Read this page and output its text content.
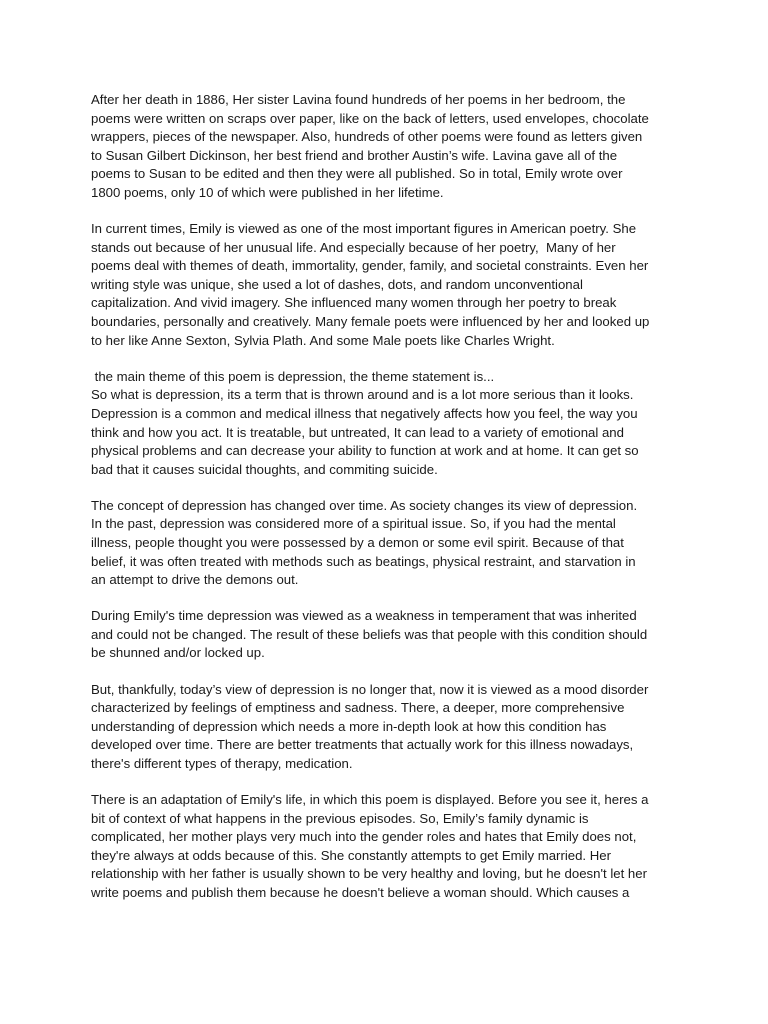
After her death in 1886, Her sister Lavina found hundreds of her poems in her bedroom, the
poems were written on scraps over paper, like on the back of letters, used envelopes, chocolate
wrappers, pieces of the newspaper. Also, hundreds of other poems were found as letters given
to Susan Gilbert Dickinson, her best friend and brother Austin’s wife. Lavina gave all of the
poems to Susan to be edited and then they were all published. So in total, Emily wrote over
1800 poems, only 10 of which were published in her lifetime.

In current times, Emily is viewed as one of the most important figures in American poetry. She
stands out because of her unusual life. And especially because of her poetry,  Many of her
poems deal with themes of death, immortality, gender, family, and societal constraints. Even her
writing style was unique, she used a lot of dashes, dots, and random unconventional
capitalization. And vivid imagery. She influenced many women through her poetry to break
boundaries, personally and creatively. Many female poets were influenced by her and looked up
to her like Anne Sexton, Sylvia Plath. And some Male poets like Charles Wright.

the main theme of this poem is depression, the theme statement is...
So what is depression, its a term that is thrown around and is a lot more serious than it looks.
Depression is a common and medical illness that negatively affects how you feel, the way you
think and how you act. It is treatable, but untreated, It can lead to a variety of emotional and
physical problems and can decrease your ability to function at work and at home. It can get so
bad that it causes suicidal thoughts, and commiting suicide.

The concept of depression has changed over time. As society changes its view of depression.
In the past, depression was considered more of a spiritual issue. So, if you had the mental
illness, people thought you were possessed by a demon or some evil spirit. Because of that
belief, it was often treated with methods such as beatings, physical restraint, and starvation in
an attempt to drive the demons out.

During Emily's time depression was viewed as a weakness in temperament that was inherited
and could not be changed. The result of these beliefs was that people with this condition should
be shunned and/or locked up.

But, thankfully, today’s view of depression is no longer that, now it is viewed as a mood disorder
characterized by feelings of emptiness and sadness. There, a deeper, more comprehensive
understanding of depression which needs a more in-depth look at how this condition has
developed over time. There are better treatments that actually work for this illness nowadays,
there's different types of therapy, medication.

There is an adaptation of Emily's life, in which this poem is displayed. Before you see it, heres a
bit of context of what happens in the previous episodes. So, Emily’s family dynamic is
complicated, her mother plays very much into the gender roles and hates that Emily does not,
they're always at odds because of this. She constantly attempts to get Emily married. Her
relationship with her father is usually shown to be very healthy and loving, but he doesn't let her
write poems and publish them because he doesn't believe a woman should. Which causes a
